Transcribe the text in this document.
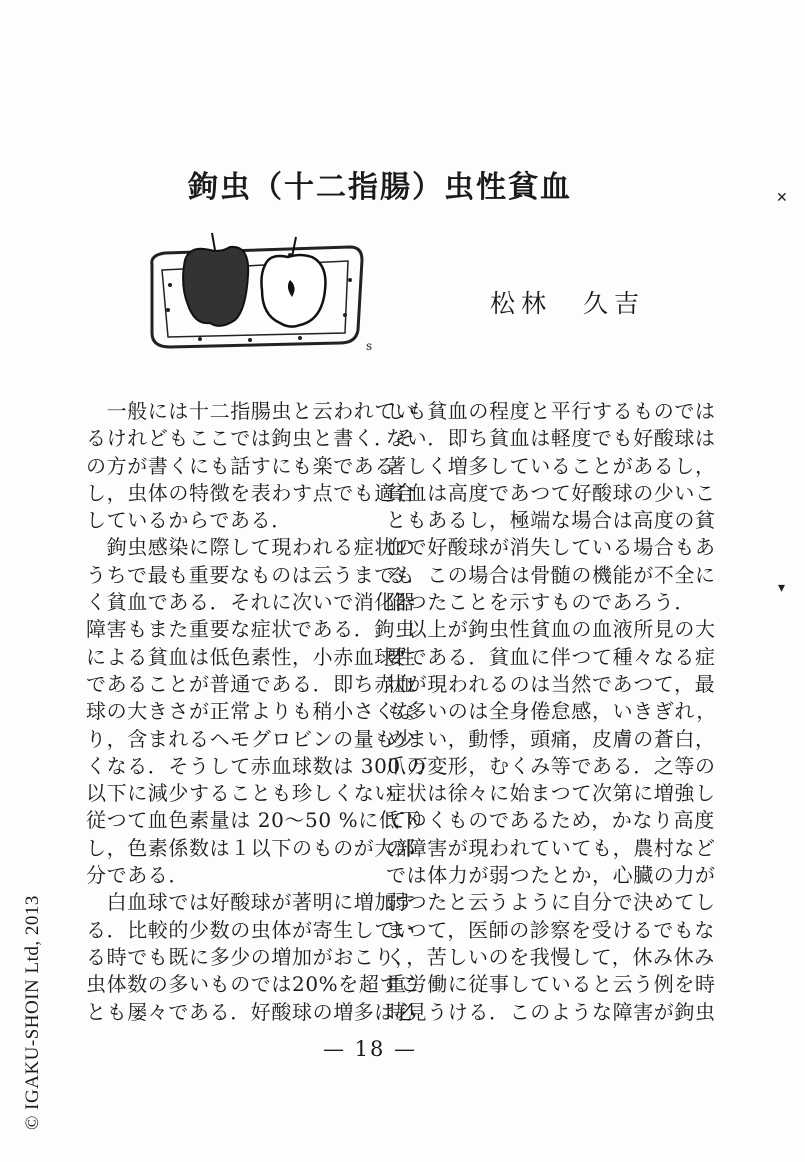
鉤虫（十二指腸）虫性貧血
s
松林　久吉
　一般には十二指腸虫と云われてい
るけれどもここでは鉤虫と書く．そ
の方が書くにも話すにも楽である
し，虫体の特徴を表わす点でも適合
しているからである．
　鉤虫感染に際して現われる症状の
うちで最も重要なものは云うまでも
く貧血である．それに次いで消化器
障害もまた重要な症状である．鉤虫
による貧血は低色素性，小赤血球性
であることが普通である．即ち赤血
球の大きさが正常よりも稍小さくな
り，含まれるヘモグロビンの量も少
くなる．そうして赤血球数は 300 万
以下に減少することも珍しくない．
従つて血色素量は 20〜50 %に低下
し，色素係数は１以下のものが大部
分である．
　白血球では好酸球が著明に増加す
る．比較的少数の虫体が寄生してい
る時でも既に多少の増加がおこり，
虫体数の多いものでは20%を超すこ
とも屡々である．好酸球の増多は必
しも貧血の程度と平行するものでは
ない．即ち貧血は軽度でも好酸球は
著しく増多していることがあるし，
貧血は高度であつて好酸球の少いこ
ともあるし，極端な場合は高度の貧
血で好酸球が消失している場合もあ
る．この場合は骨髄の機能が不全に
陥つたことを示すものであろう．
　以上が鉤虫性貧血の血液所見の大
要である．貧血に伴つて種々なる症
状が現われるのは当然であつて，最
も多いのは全身倦怠感，いきぎれ，
めまい，動悸，頭痛，皮膚の蒼白，
爪の変形，むくみ等である．之等の
症状は徐々に始まつて次第に増強し
てゆくものであるため，かなり高度
の障害が現われていても，農村など
では体力が弱つたとか，心臓の力が
弱つたと云うように自分で決めてし
まつて，医師の診察を受けるでもな
く，苦しいのを我慢して，休み休み
重労働に従事していると云う例を時
時見うける．このような障害が鉤虫
— 18 —
© IGAKU-SHOIN Ltd, 2013
✕
▾
